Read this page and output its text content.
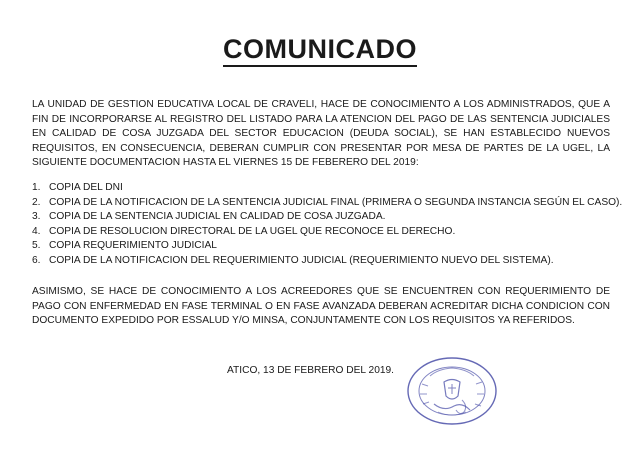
COMUNICADO

LA UNIDAD DE GESTION EDUCATIVA LOCAL DE CRAVELI, HACE DE CONOCIMIENTO A LOS ADMINISTRADOS, QUE A FIN DE INCORPORARSE AL REGISTRO DEL LISTADO PARA LA ATENCION DEL PAGO DE LAS SENTENCIA JUDICIALES EN CALIDAD DE COSA JUZGADA DEL SECTOR EDUCACION (DEUDA SOCIAL), SE HAN ESTABLECIDO NUEVOS REQUISITOS, EN CONSECUENCIA, DEBERAN CUMPLIR CON PRESENTAR POR MESA DE PARTES DE LA UGEL, LA SIGUIENTE DOCUMENTACION HASTA EL VIERNES 15 DE FEBERERO DEL 2019:

1. COPIA DEL DNI
2. COPIA DE LA NOTIFICACION DE LA SENTENCIA JUDICIAL FINAL (PRIMERA O SEGUNDA INSTANCIA SEGÚN EL CASO).
3. COPIA DE LA SENTENCIA JUDICIAL EN CALIDAD DE COSA JUZGADA.
4. COPIA DE RESOLUCION DIRECTORAL DE LA UGEL QUE RECONOCE EL DERECHO.
5. COPIA REQUERIMIENTO JUDICIAL
6. COPIA DE LA NOTIFICACION DEL REQUERIMIENTO JUDICIAL (REQUERIMIENTO NUEVO DEL SISTEMA).

ASIMISMO, SE HACE DE CONOCIMIENTO A LOS ACREEDORES QUE SE ENCUENTREN CON REQUERIMIENTO DE PAGO CON ENFERMEDAD EN FASE TERMINAL O EN FASE AVANZADA DEBERAN ACREDITAR DICHA CONDICION CON DOCUMENTO EXPEDIDO POR ESSALUD Y/O MINSA, CONJUNTAMENTE CON LOS REQUISITOS YA REFERIDOS.

ATICO, 13 DE FEBRERO DEL 2019.
